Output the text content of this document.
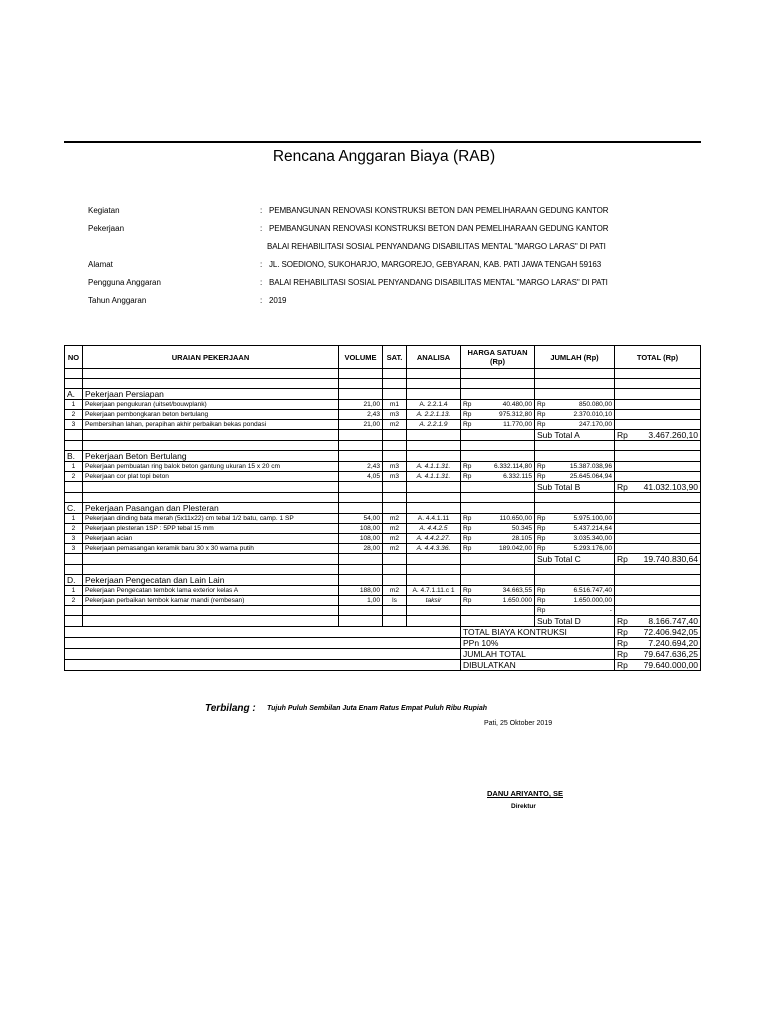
Rencana Anggaran Biaya (RAB)
Kegiatan	: PEMBANGUNAN RENOVASI KONSTRUKSI BETON DAN PEMELIHARAAN GEDUNG KANTOR
Pekerjaan	: PEMBANGUNAN RENOVASI KONSTRUKSI BETON DAN PEMELIHARAAN GEDUNG KANTOR
BALAI REHABILITASI SOSIAL PENYANDANG DISABILITAS MENTAL "MARGO LARAS" DI PATI
Alamat	: JL. SOEDIONO, SUKOHARJO, MARGOREJO, GEBYARAN, KAB. PATI JAWA TENGAH 59163
Pengguna Anggaran	: BALAI REHABILITASI SOSIAL PENYANDANG DISABILITAS MENTAL "MARGO LARAS" DI PATI
Tahun Anggaran	: 2019
NO	URAIAN PEKERJAAN	VOLUME	SAT.	ANALISA	HARGA SATUAN (Rp)	JUMLAH (Rp)	TOTAL (Rp)

A.	Pekerjaan Persiapan						
1	Pekerjaan pengukuran (uitset/bouwplank)	21,00	m1	A. 2.2.1.4	Rp 40.480,00	Rp 850.080,00	

2	Pekerjaan pembongkaran beton bertulang	2,43	m3	A. 2.2.1.13.	Rp 975.312,80	Rp 2.370.010,10	

3	Pembersihan lahan, perapihan akhir perbaikan bekas pondasi	21,00	m2	A. 2.2.1.9	Rp 11.770,00	Rp 247.170,00	

						Sub Total A	Rp 3.467.260,10

B.	Pekerjaan Beton Bertulang						
1	Pekerjaan pembuatan ring balok beton gantung ukuran 15 x 20 cm	2,43	m3	A. 4.1.1.31.	Rp 6.332.114,80	Rp 15.387.038,96	

2	Pekerjaan cor plat topi beton	4,05	m3	A. 4.1.1.31.	Rp 6.332.115	Rp 25.645.064,94	

						Sub Total B	Rp 41.032.103,90

C.	Pekerjaan Pasangan dan Plesteran						
1	Pekerjaan dinding bata merah (5x11x22) cm tebal 1/2 batu, camp. 1 SP	54,00	m2	A. 4.4.1.11	Rp 110.650,00	Rp 5.975.100,00	

2	Pekerjaan plesteran 1SP : 5PP tebal 15 mm	108,00	m2	A. 4.4.2.5	Rp 50.345	Rp 5.437.214,64	

3	Pekerjaan acian	108,00	m2	A. 4.4.2.27.	Rp 28.105	Rp 3.035.340,00	

3	Pekerjaan pemasangan keramik baru 30 x 30 warna putih	28,00	m2	A. 4.4.3.36.	Rp 189.042,00	Rp 5.293.176,00	

						Sub Total C	Rp 19.740.830,64

D.	Pekerjaan Pengecatan dan Lain Lain						
1	Pekerjaan Pengecatan tembok lama exterior kelas A	188,00	m2	A. 4.7.1.11.c 1	Rp 34.663,55	Rp 6.516.747,40	

2	Pekerjaan perbaikan tembok kamar mandi (rembesan)	1,00	ls	taksir	Rp 1.650.000	Rp 1.650.000,00	

						Rp -	

						Sub Total D	Rp 8.166.747,40

					TOTAL BIAYA KONTRUKSI		Rp 72.406.942,05

					PPn 10%		Rp 7.240.694,20

					JUMLAH TOTAL		Rp 79.647.636,25

					DIBULATKAN		Rp 79.640.000,00
Terbilang : Tujuh Puluh Sembilan Juta Enam Ratus Empat Puluh Ribu Rupiah
Pati, 25 Oktober 2019
DANU ARIYANTO, SE
Direktur
